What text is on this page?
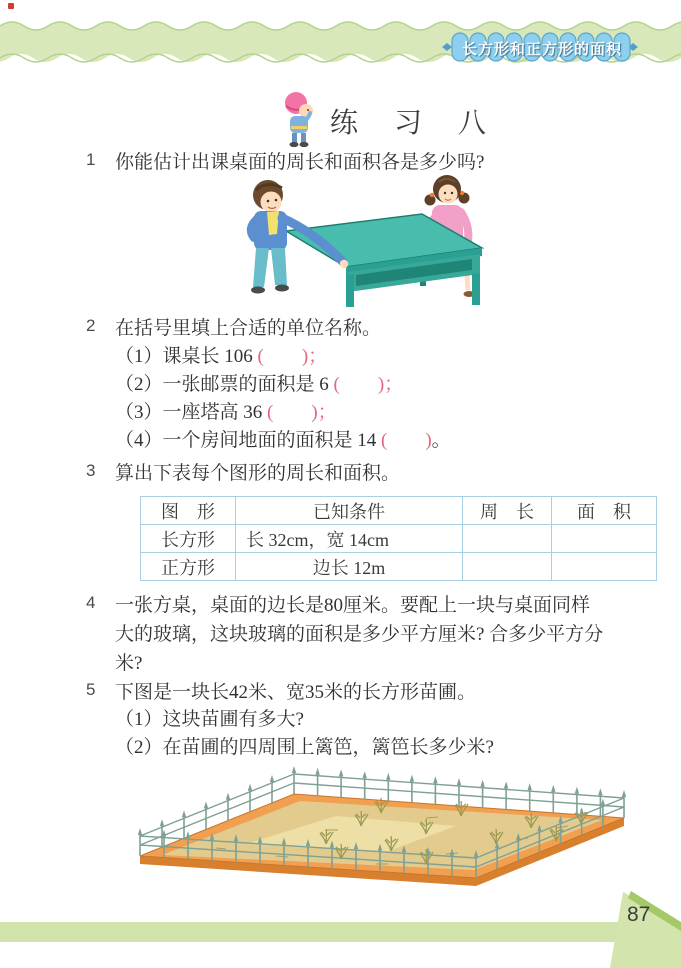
长方形和正方形的面积
练　习　八
1	你能估计出课桌面的周长和面积各是多少吗?
2	在括号里填上合适的单位名称。
（1）课桌长 106 (        )；
（2）一张邮票的面积是 6 (        )；
（3）一座塔高 36 (        )；
（4）一个房间地面的面积是 14 (        )。
3	算出下表每个图形的周长和面积。
图　形	已知条件	周　长	面　积
长方形	长 32cm，宽 14cm		
正方形	边长 12m		
4	一张方桌，桌面的边长是80厘米。要配上一块与桌面同样大的玻璃，这块玻璃的面积是多少平方厘米? 合多少平方分米?
5	下图是一块长42米、宽35米的长方形苗圃。
（1）这块苗圃有多大?
（2）在苗圃的四周围上篱笆，篱笆长多少米?
87
